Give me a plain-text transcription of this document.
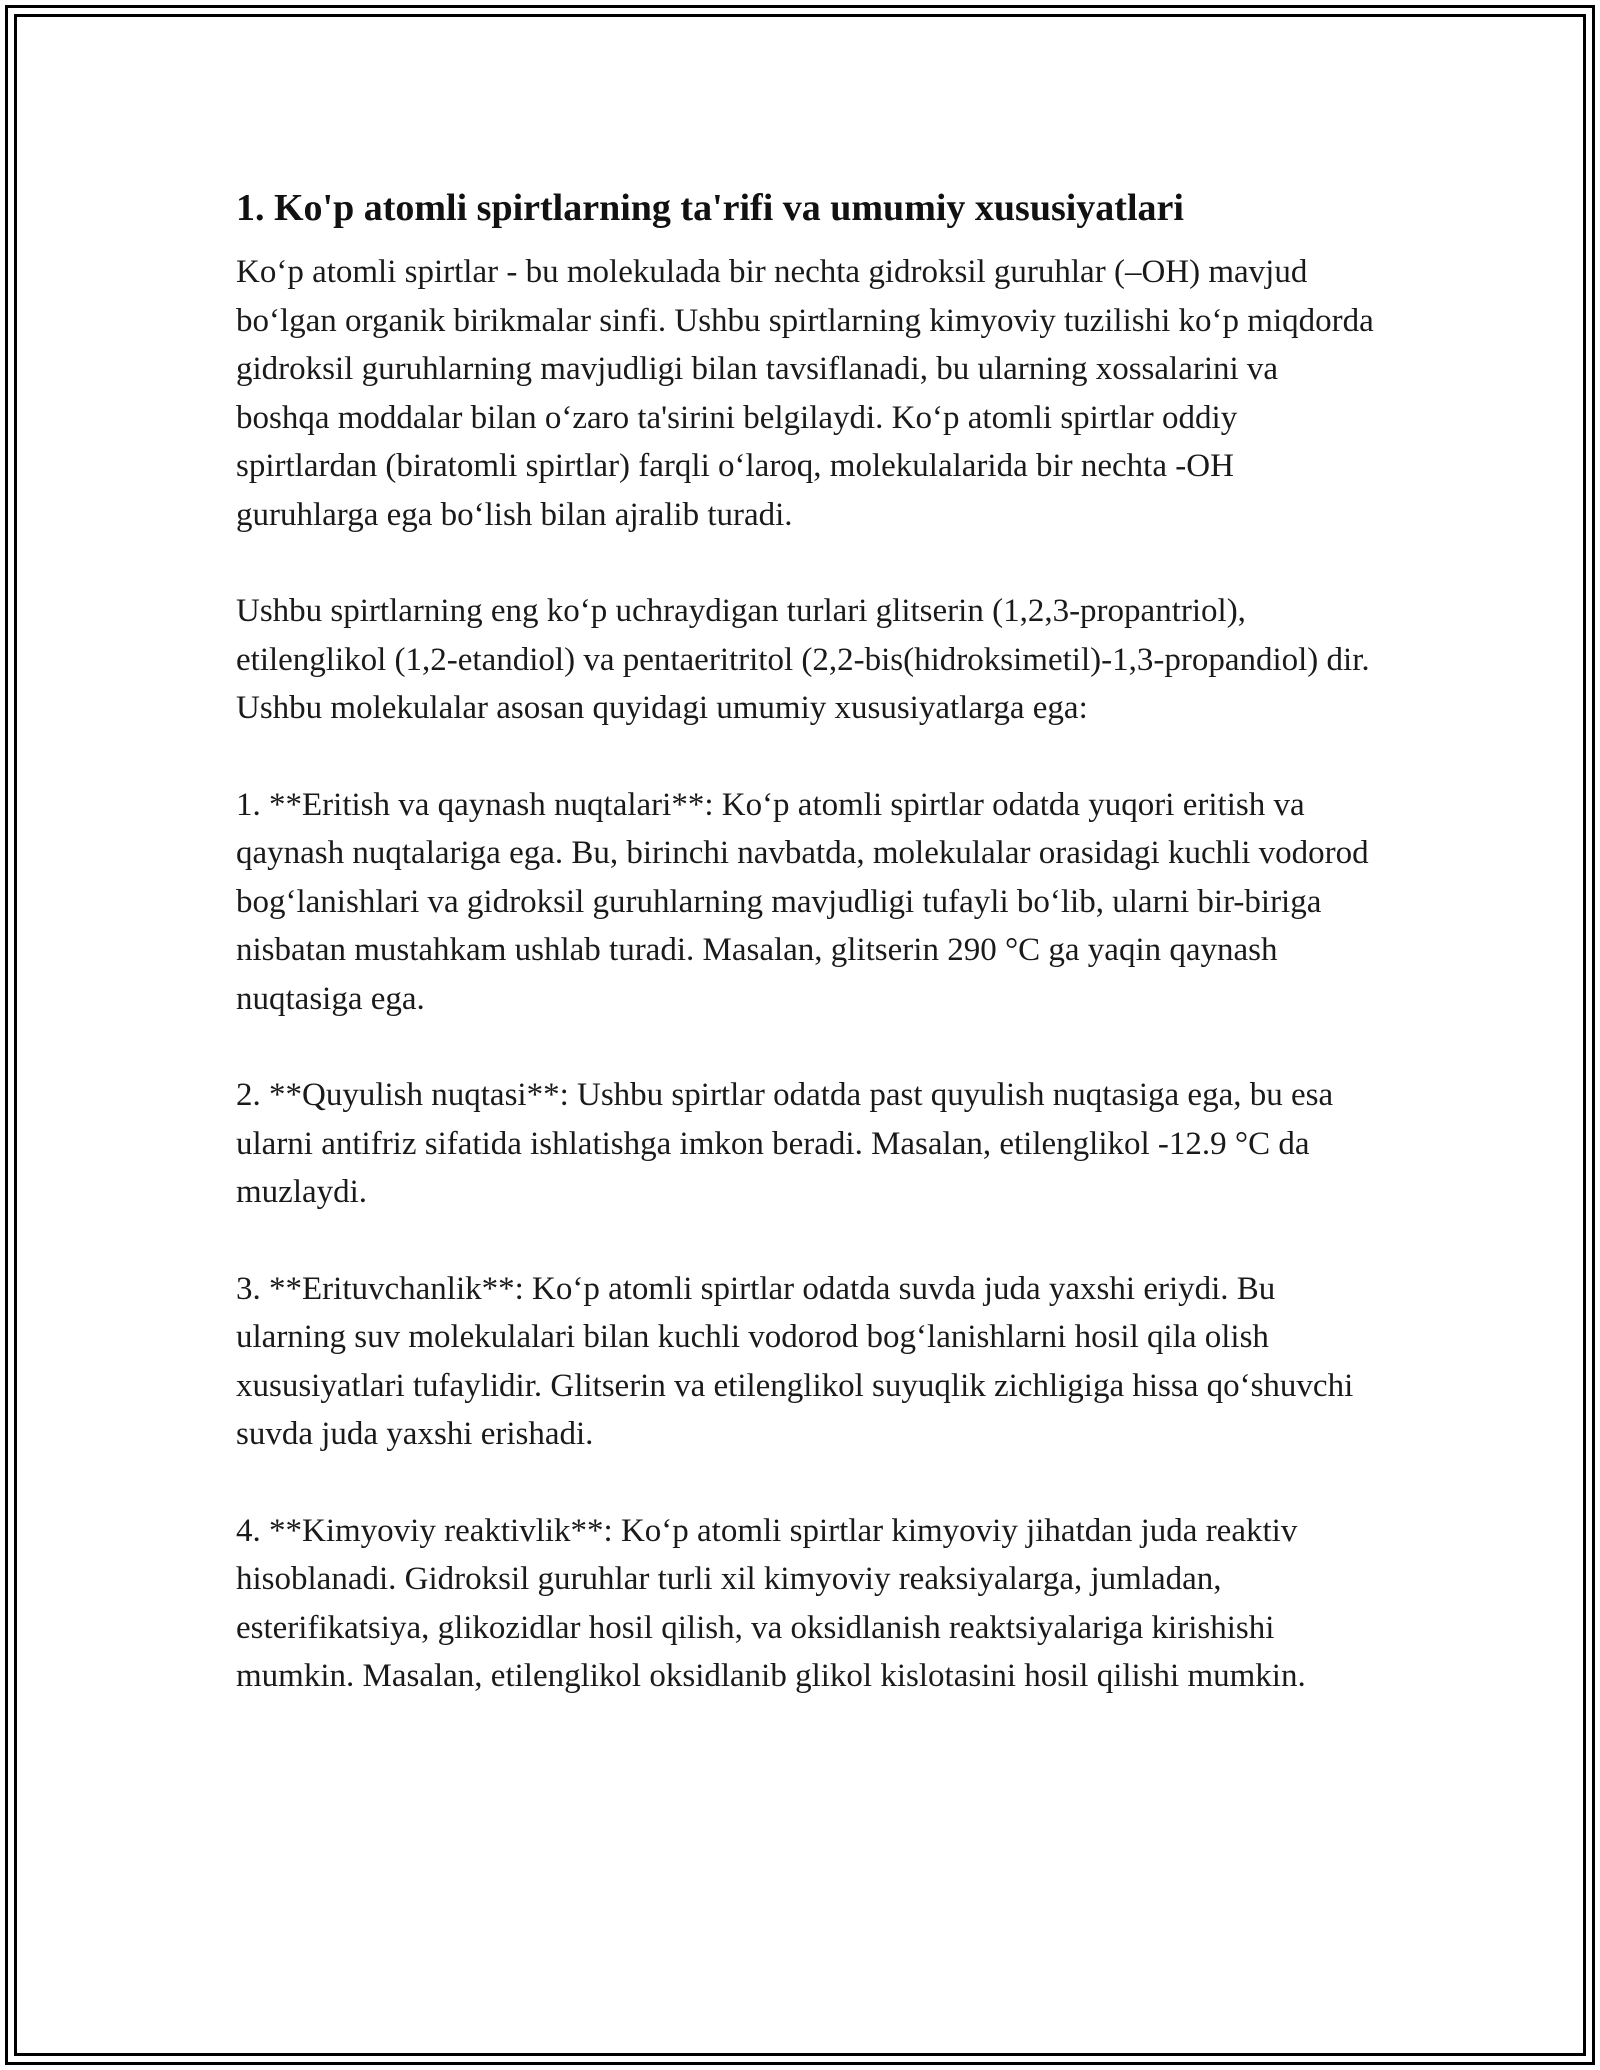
1. Ko'p atomli spirtlarning ta'rifi va umumiy xususiyatlari

Ko‘p atomli spirtlar - bu molekulada bir nechta gidroksil guruhlar (–OH) mavjud bo‘lgan organik birikmalar sinfi. Ushbu spirtlarning kimyoviy tuzilishi ko‘p miqdorda gidroksil guruhlarning mavjudligi bilan tavsiflanadi, bu ularning xossalarini va boshqa moddalar bilan o‘zaro ta'sirini belgilaydi. Ko‘p atomli spirtlar oddiy spirtlardan (biratomli spirtlar) farqli o‘laroq, molekulalarida bir nechta -OH guruhlarga ega bo‘lish bilan ajralib turadi.

Ushbu spirtlarning eng ko‘p uchraydigan turlari glitserin (1,2,3-propantriol), etilenglikol (1,2-etandiol) va pentaeritritol (2,2-bis(hidroksimetil)-1,3-propandiol) dir. Ushbu molekulalar asosan quyidagi umumiy xususiyatlarga ega:

1. **Eritish va qaynash nuqtalari**: Ko‘p atomli spirtlar odatda yuqori eritish va qaynash nuqtalariga ega. Bu, birinchi navbatda, molekulalar orasidagi kuchli vodorod bog‘lanishlari va gidroksil guruhlarning mavjudligi tufayli bo‘lib, ularni bir-biriga nisbatan mustahkam ushlab turadi. Masalan, glitserin 290 °C ga yaqin qaynash nuqtasiga ega.

2. **Quyulish nuqtasi**: Ushbu spirtlar odatda past quyulish nuqtasiga ega, bu esa ularni antifriz sifatida ishlatishga imkon beradi. Masalan, etilenglikol -12.9 °C da muzlaydi.

3. **Erituvchanlik**: Ko‘p atomli spirtlar odatda suvda juda yaxshi eriydi. Bu ularning suv molekulalari bilan kuchli vodorod bog‘lanishlarni hosil qila olish xususiyatlari tufaylidir. Glitserin va etilenglikol suyuqlik zichligiga hissa qo‘shuvchi suvda juda yaxshi erishadi.

4. **Kimyoviy reaktivlik**: Ko‘p atomli spirtlar kimyoviy jihatdan juda reaktiv hisoblanadi. Gidroksil guruhlar turli xil kimyoviy reaksiyalarga, jumladan, esterifikatsiya, glikozidlar hosil qilish, va oksidlanish reaktsiyalariga kirishishi mumkin. Masalan, etilenglikol oksidlanib glikol kislotasini hosil qilishi mumkin.
